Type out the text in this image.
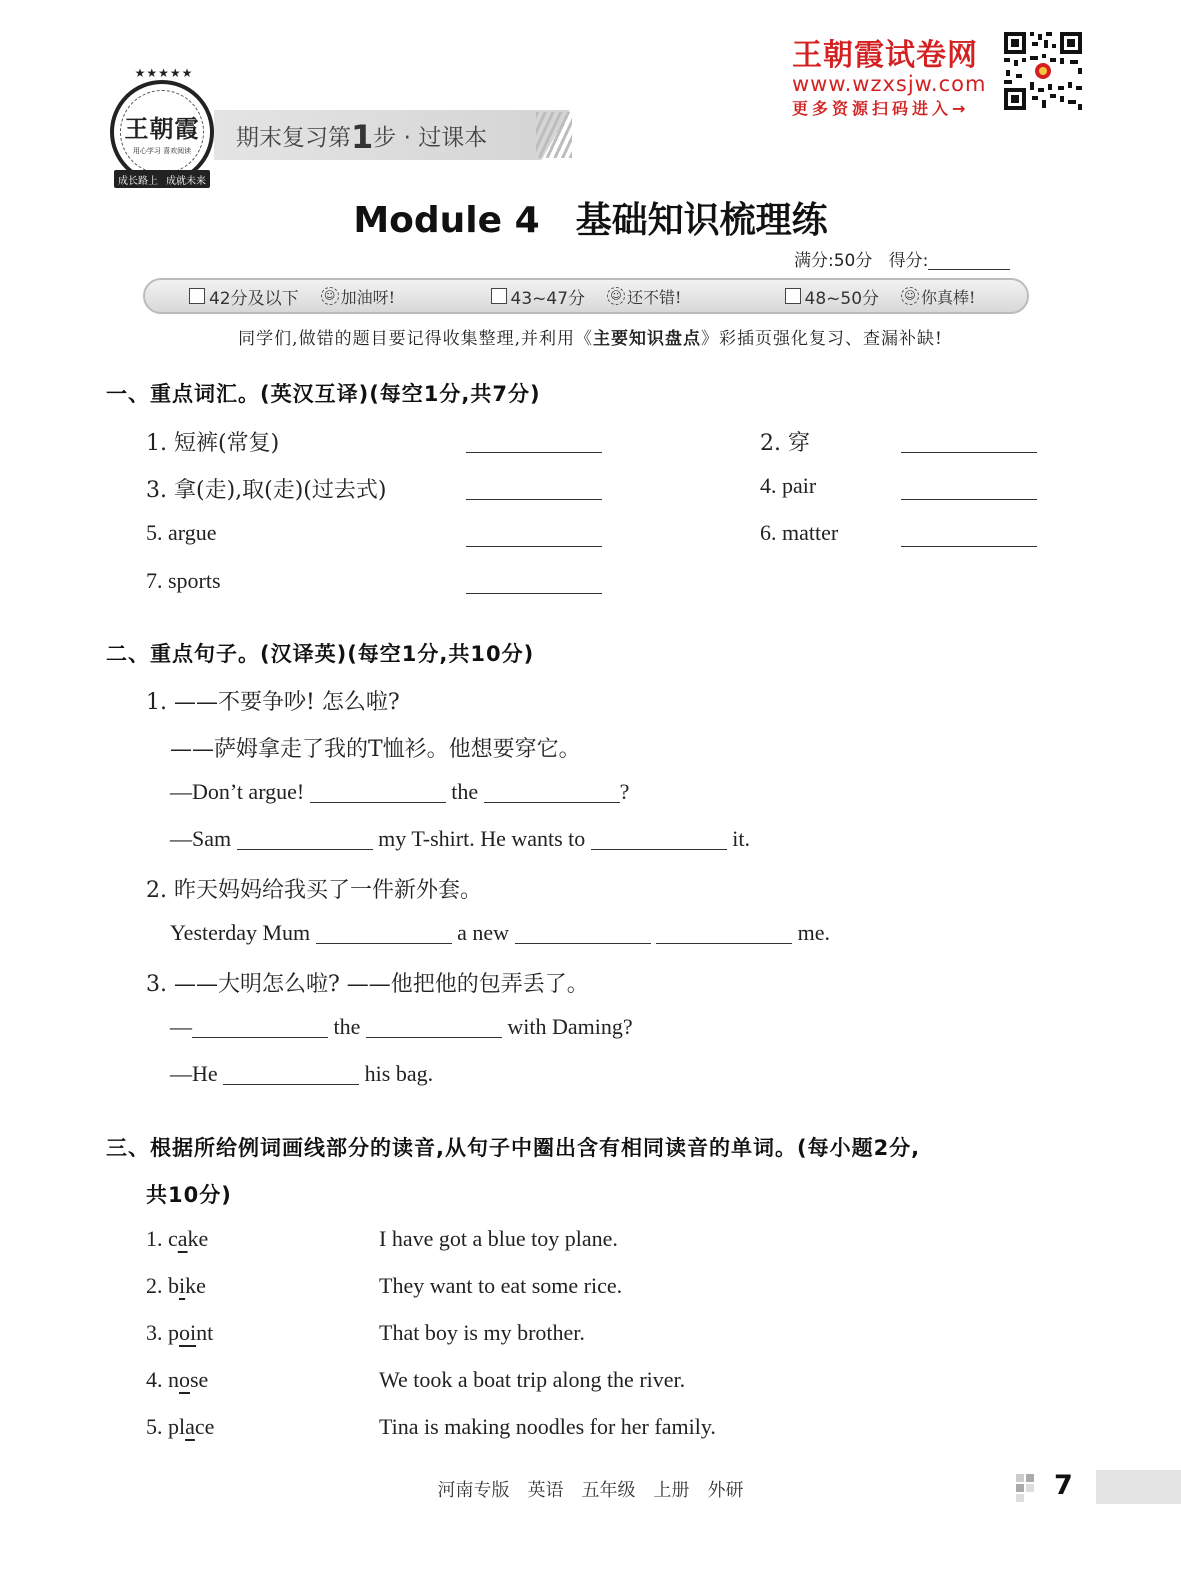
★★★★★
王朝霞
用心学习 喜欢阅读
成长路上 成就未来
期末复习第1步 · 过课本
王朝霞试卷网
www.wzxsjw.com
更多资源扫码进入→
Module 4 基础知识梳理练
满分:50分 得分:
42分及以下 ☺ 加油呀!	43~47分 ☺ 还不错!	48~50分 ☺ 你真棒!
同学们,做错的题目要记得收集整理,并利用《主要知识盘点》彩插页强化复习、查漏补缺!
一、重点词汇。(英汉互译)(每空1分,共7分)
1. 短裤(常复)	2. 穿
3. 拿(走),取(走)(过去式)	4. pair
5. argue	6. matter
7. sports
二、重点句子。(汉译英)(每空1分,共10分)
1. ——不要争吵! 怎么啦?
——萨姆拿走了我的T恤衫。他想要穿它。
—Don’t argue!	the	?
—Sam	my T-shirt. He wants to	it.
2. 昨天妈妈给我买了一件新外套。
Yesterday Mum	a new	me.
3. ——大明怎么啦? ——他把他的包弄丢了。
—	the	with Daming?
—He	his bag.
三、根据所给例词画线部分的读音,从句子中圈出含有相同读音的单词。(每小题2分,
共10分)
1. cake	I have got a blue toy plane.
2. bike	They want to eat some rice.
3. point	That boy is my brother.
4. nose	We took a boat trip along the river.
5. place	Tina is making noodles for her family.
河南专版 英语 五年级 上册 外研	7
